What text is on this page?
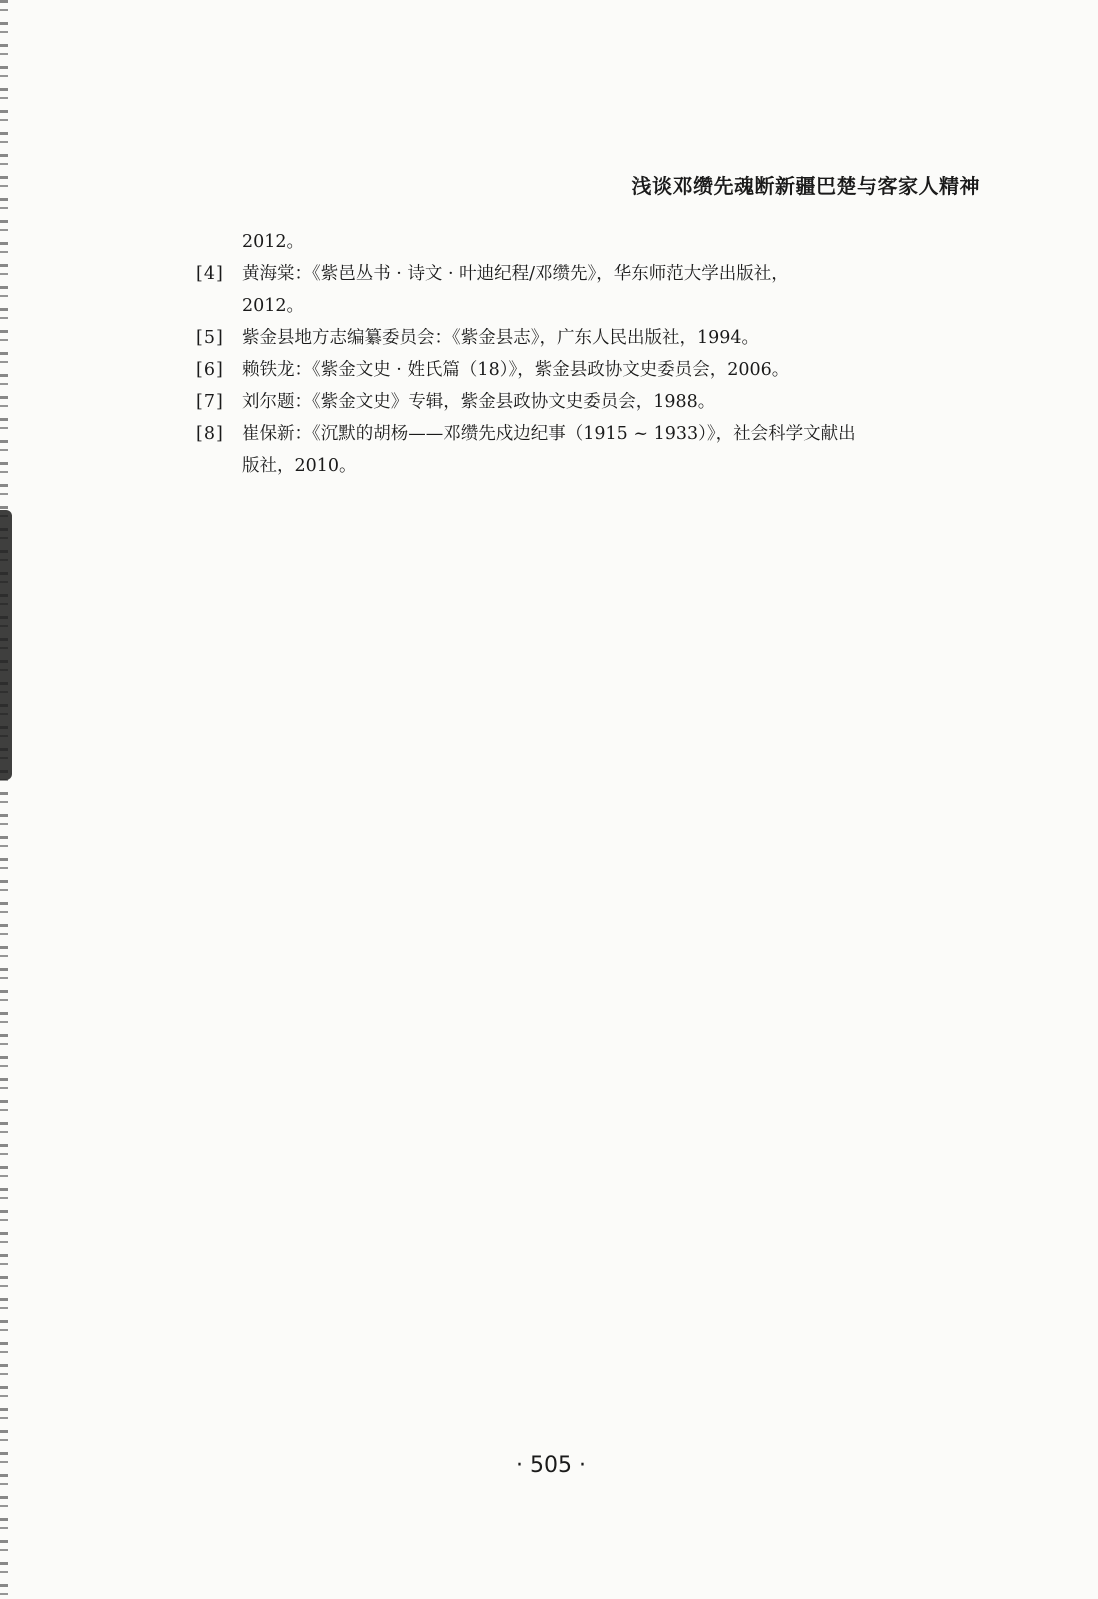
浅谈邓缵先魂断新疆巴楚与客家人精神
2012。
[4]	黄海棠：《紫邑丛书 · 诗文 · 叶迪纪程/邓缵先》，华东师范大学出版社，
2012。
[5]	紫金县地方志编纂委员会：《紫金县志》，广东人民出版社，1994。
[6]	赖铁龙：《紫金文史 · 姓氏篇（18）》，紫金县政协文史委员会，2006。
[7]	刘尔题：《紫金文史》专辑，紫金县政协文史委员会，1988。
[8]	崔保新：《沉默的胡杨——邓缵先戍边纪事（1915 ~ 1933）》，社会科学文献出
版社，2010。
· 505 ·
